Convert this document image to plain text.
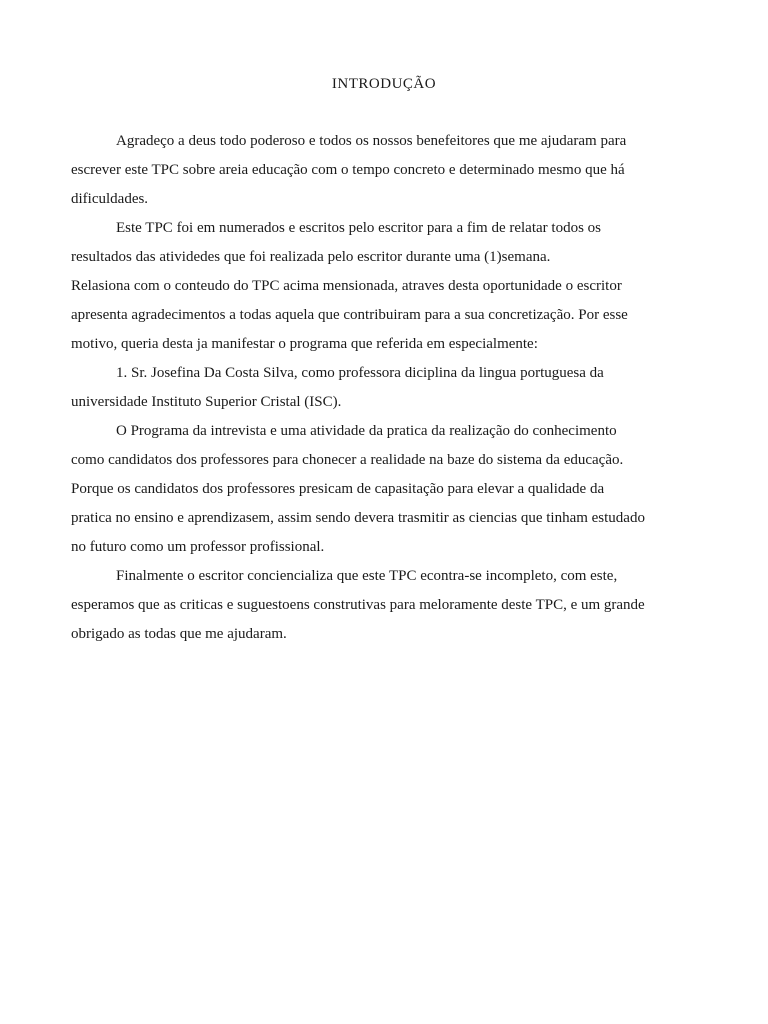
INTRODUÇÃO
Agradeço a deus todo poderoso e todos os nossos benefeitores que me ajudaram para
escrever este TPC sobre areia educação com o tempo concreto e determinado mesmo que há
dificuldades.
Este TPC foi em numerados e escritos pelo escritor para a fim de relatar todos os
resultados das atividedes que foi realizada pelo escritor durante uma (1)semana.
Relasiona com o conteudo do TPC acima mensionada, atraves desta oportunidade o escritor
apresenta agradecimentos a todas aquela que contribuiram para a sua concretização. Por esse
motivo, queria desta ja manifestar o programa que referida em especialmente:
1. Sr. Josefina Da Costa Silva, como professora diciplina da lingua portuguesa da
universidade Instituto Superior Cristal (ISC).
O Programa da intrevista e uma atividade da pratica da realização do conhecimento
como candidatos dos professores para chonecer a realidade na baze do sistema da educação.
Porque os candidatos dos professores presicam de capasitação para elevar a qualidade da
pratica no ensino e aprendizasem, assim sendo devera trasmitir as ciencias que tinham estudado
no futuro como um professor profissional.
Finalmente o escritor conciencializa que este TPC econtra-se incompleto, com este,
esperamos que as criticas e suguestoens construtivas para meloramente deste TPC, e um grande
obrigado as todas que me ajudaram.
